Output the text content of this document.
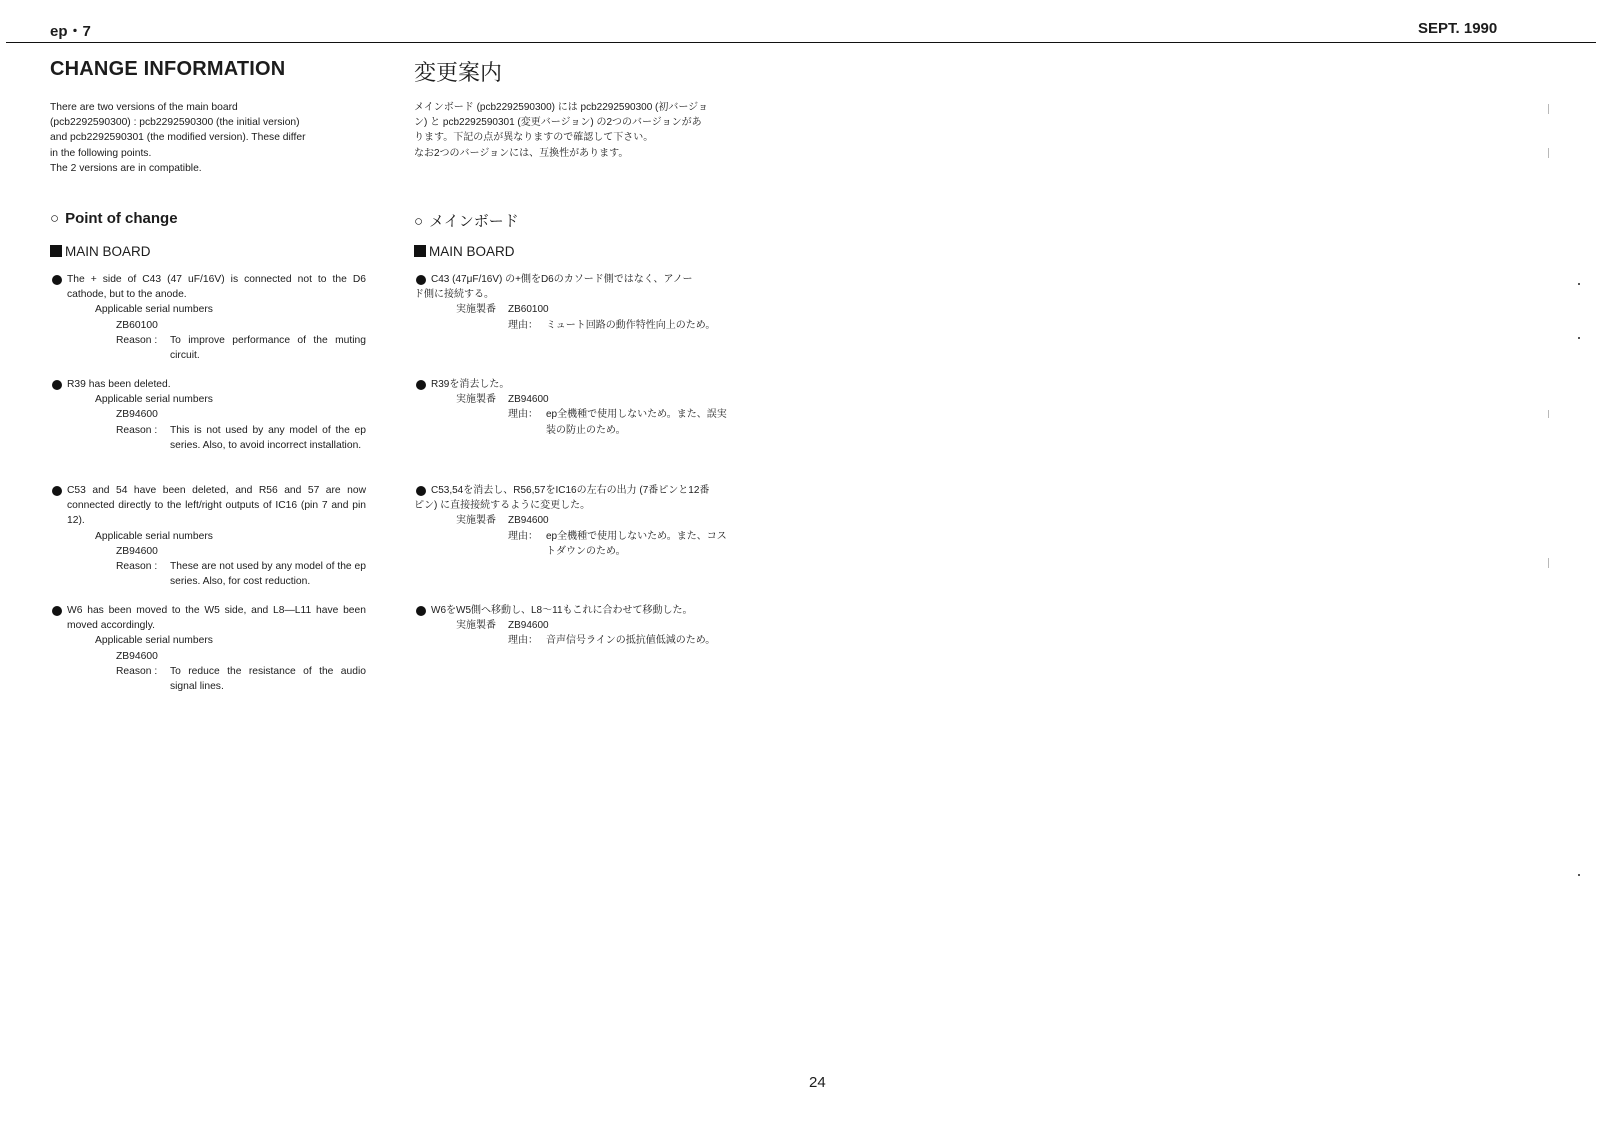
ep・7	SEPT. 1990
CHANGE INFORMATION

There are two versions of the main board

(pcb2292590300) : pcb2292590300 (the initial version)

and pcb2292590301 (the modified version). These differ

in the following points.

The 2 versions are in compatible.

○ Point of change
MAIN BOARD
The + side of C43 (47 uF/16V) is connected not to the D6 cathode, but to the anode.
Applicable serial numbers
ZB60100
Reason : To improve performance of the muting circuit.
R39 has been deleted.
Applicable serial numbers
ZB94600
Reason : This is not used by any model of the ep series. Also, to avoid incorrect installation.
C53 and 54 have been deleted, and R56 and 57 are now connected directly to the left/right outputs of IC16 (pin 7 and pin 12).
Applicable serial numbers
ZB94600
Reason : These are not used by any model of the ep series. Also, for cost reduction.
W6 has been moved to the W5 side, and L8—L11 have been moved accordingly.
Applicable serial numbers
ZB94600
Reason : To reduce the resistance of the audio signal lines.
変更案内

メインボード (pcb2292590300) には pcb2292590300 (初バージョ

ン) と pcb2292590301 (変更バージョン) の2つのバージョンがあ

ります。下記の点が異なりますので確認して下さい。

なお2つのバージョンには、互換性があります。

○ メインボード
MAIN BOARD
C43 (47μF/16V) の+側をD6のカソード側ではなく、アノー
ド側に接続する。
実施製番 ZB60100
理由： ミュート回路の動作特性向上のため。
R39を消去した。
実施製番 ZB94600
理由： ep全機種で使用しないため。また、誤実
装の防止のため。
C53,54を消去し、R56,57をIC16の左右の出力 (7番ピンと12番
ピン) に直接接続するように変更した。
実施製番 ZB94600
理由： ep全機種で使用しないため。また、コス
トダウンのため。
W6をW5側へ移動し、L8～11もこれに合わせて移動した。
実施製番 ZB94600
理由： 音声信号ラインの抵抗値低減のため。
24
